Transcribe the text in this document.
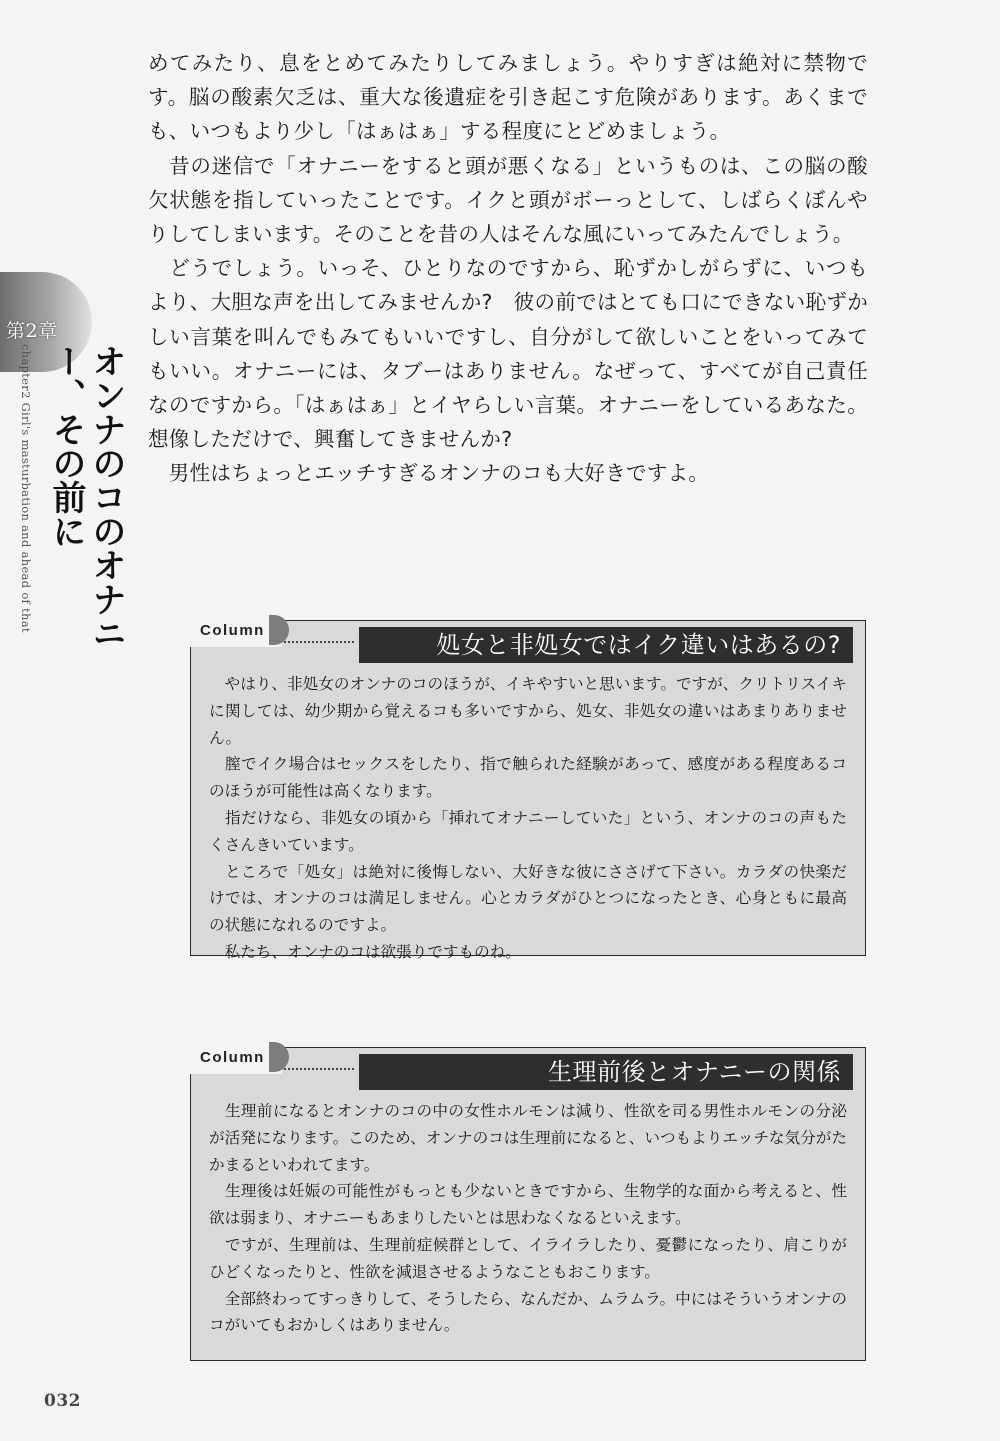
めてみたり、息をとめてみたりしてみましょう。やりすぎは絶対に禁物です。脳の酸素欠乏は、重大な後遺症を引き起こす危険があります。あくまでも、いつもより少し「はぁはぁ」する程度にとどめましょう。

　昔の迷信で「オナニーをすると頭が悪くなる」というものは、この脳の酸欠状態を指していったことです。イクと頭がボーっとして、しばらくぼんやりしてしまいます。そのことを昔の人はそんな風にいってみたんでしょう。

　どうでしょう。いっそ、ひとりなのですから、恥ずかしがらずに、いつもより、大胆な声を出してみませんか?　彼の前ではとても口にできない恥ずかしい言葉を叫んでもみてもいいですし、自分がして欲しいことをいってみてもいい。オナニーには、タブーはありません。なぜって、すべてが自己責任なのですから。「はぁはぁ」とイヤらしい言葉。オナニーをしているあなた。想像しただけで、興奮してきませんか?

　男性はちょっとエッチすぎるオンナのコも大好きですよ。

第2章
chapter2 Girl's masturbation and ahead of that	オンナのコのオナニー、その前に
Column
処女と非処女ではイク違いはあるの?

　やはり、非処女のオンナのコのほうが、イキやすいと思います。ですが、クリトリスイキに関しては、幼少期から覚えるコも多いですから、処女、非処女の違いはあまりありません。

　膣でイク場合はセックスをしたり、指で触られた経験があって、感度がある程度あるコのほうが可能性は高くなります。

　指だけなら、非処女の頃から「挿れてオナニーしていた」という、オンナのコの声もたくさんきいています。

　ところで「処女」は絶対に後悔しない、大好きな彼にささげて下さい。カラダの快楽だけでは、オンナのコは満足しません。心とカラダがひとつになったとき、心身ともに最高の状態になれるのですよ。

　私たち、オンナのコは欲張りですものね。

Column
生理前後とオナニーの関係

　生理前になるとオンナのコの中の女性ホルモンは減り、性欲を司る男性ホルモンの分泌が活発になります。このため、オンナのコは生理前になると、いつもよりエッチな気分がたかまるといわれてます。

　生理後は妊娠の可能性がもっとも少ないときですから、生物学的な面から考えると、性欲は弱まり、オナニーもあまりしたいとは思わなくなるといえます。

　ですが、生理前は、生理前症候群として、イライラしたり、憂鬱になったり、肩こりがひどくなったりと、性欲を減退させるようなこともおこります。

　全部終わってすっきりして、そうしたら、なんだか、ムラムラ。中にはそういうオンナのコがいてもおかしくはありません。

032
